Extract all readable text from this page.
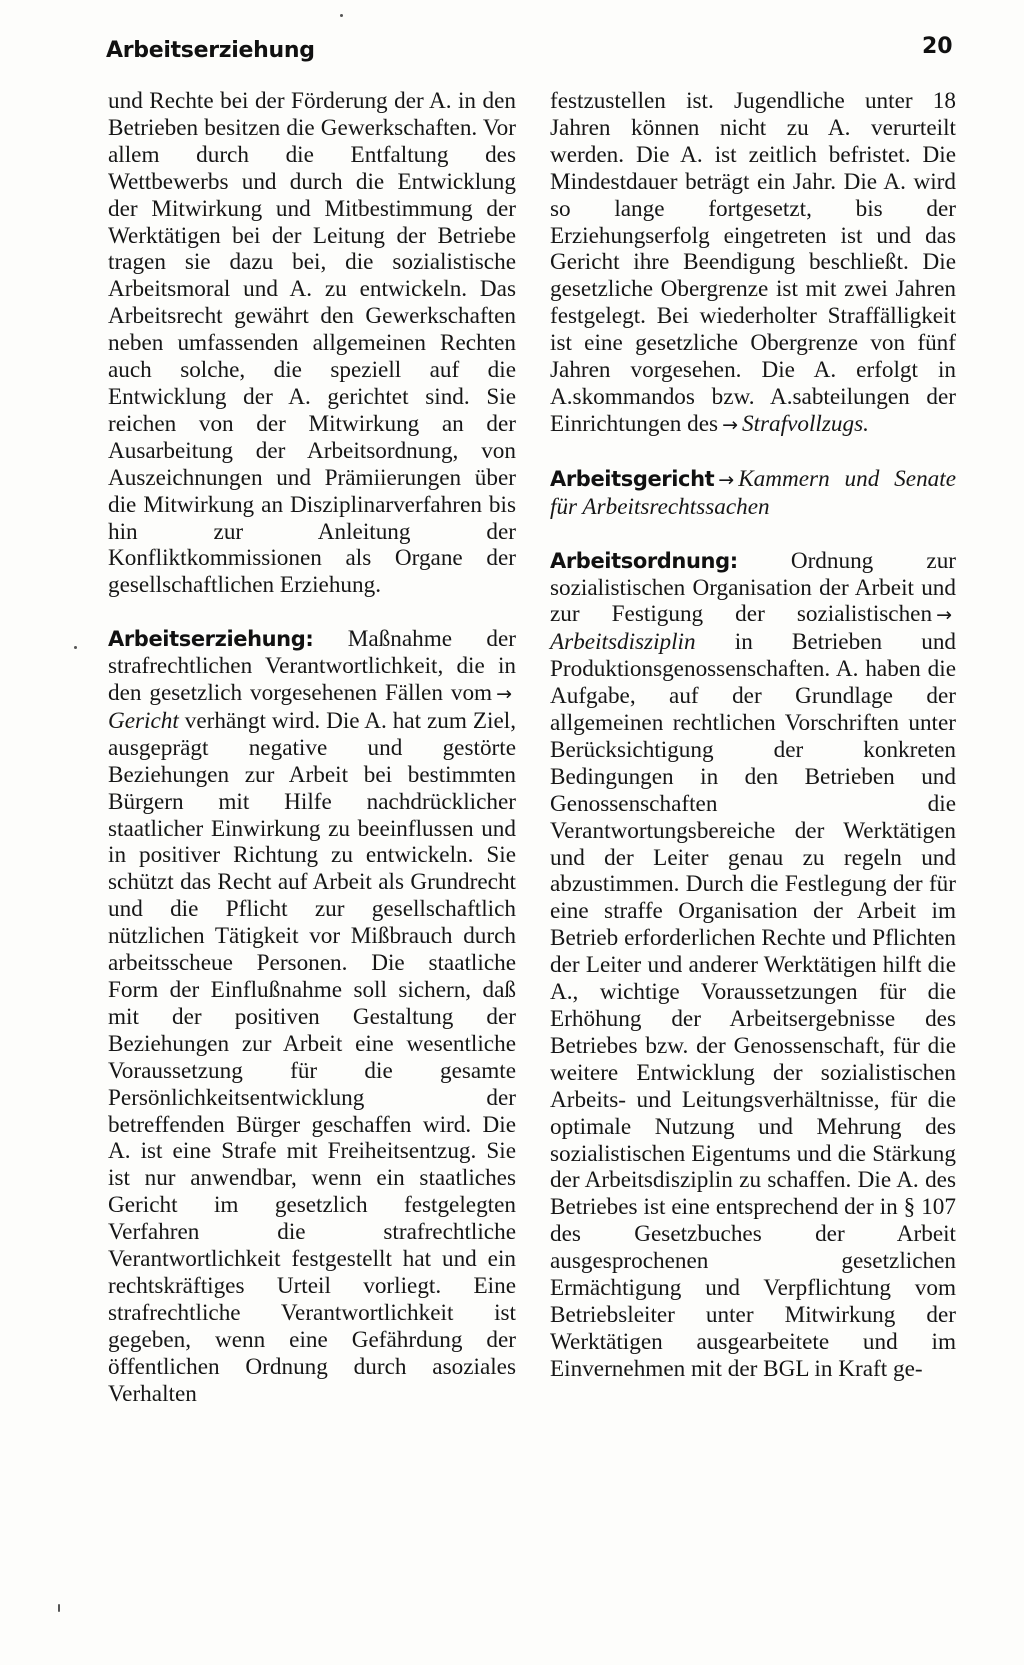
Arbeitserziehung	20

und Rechte bei der Förderung der A. in den Betrieben besitzen die Gewerkschaften. Vor allem durch die Entfaltung des Wettbewerbs und durch die Entwicklung der Mitwirkung und Mitbestimmung der Werktätigen bei der Leitung der Betriebe tragen sie dazu bei, die sozialistische Arbeitsmoral und A. zu entwickeln. Das Arbeitsrecht gewährt den Gewerkschaften neben umfassenden allgemeinen Rechten auch solche, die speziell auf die Entwicklung der A. gerichtet sind. Sie reichen von der Mitwirkung an der Ausarbeitung der Arbeitsordnung, von Auszeichnungen und Prämiierungen über die Mitwirkung an Disziplinarverfahren bis hin zur Anleitung der Konfliktkommissionen als Organe der gesellschaftlichen Erziehung.

Arbeitserziehung: Maßnahme der strafrechtlichen Verantwortlichkeit, die in den gesetzlich vorgesehenen Fällen vom →Gericht verhängt wird. Die A. hat zum Ziel, ausgeprägt negative und gestörte Beziehungen zur Arbeit bei bestimmten Bürgern mit Hilfe nachdrücklicher staatlicher Einwirkung zu beeinflussen und in positiver Richtung zu entwickeln. Sie schützt das Recht auf Arbeit als Grundrecht und die Pflicht zur gesellschaftlich nützlichen Tätigkeit vor Mißbrauch durch arbeitsscheue Personen. Die staatliche Form der Einflußnahme soll sichern, daß mit der positiven Gestaltung der Beziehungen zur Arbeit eine wesentliche Voraussetzung für die gesamte Persönlichkeitsentwicklung der betreffenden Bürger geschaffen wird. Die A. ist eine Strafe mit Freiheitsentzug. Sie ist nur anwendbar, wenn ein staatliches Gericht im gesetzlich festgelegten Verfahren die strafrechtliche Verantwortlichkeit festgestellt hat und ein rechtskräftiges Urteil vorliegt. Eine strafrechtliche Verantwortlichkeit ist gegeben, wenn eine Gefährdung der öffentlichen Ordnung durch asoziales Verhalten

festzustellen ist. Jugendliche unter 18 Jahren können nicht zu A. verurteilt werden. Die A. ist zeitlich befristet. Die Mindestdauer beträgt ein Jahr. Die A. wird so lange fortgesetzt, bis der Erziehungserfolg eingetreten ist und das Gericht ihre Beendigung beschließt. Die gesetzliche Obergrenze ist mit zwei Jahren festgelegt. Bei wiederholter Straffälligkeit ist eine gesetzliche Obergrenze von fünf Jahren vorgesehen. Die A. erfolgt in A.skommandos bzw. A.sabteilungen der Einrichtungen des → Strafvollzugs.

Arbeitsgericht → Kammern und Senate für Arbeitsrechtssachen

Arbeitsordnung: Ordnung zur sozialistischen Organisation der Arbeit und zur Festigung der sozialistischen →Arbeitsdisziplin in Betrieben und Produktionsgenossenschaften. A. haben die Aufgabe, auf der Grundlage der allgemeinen rechtlichen Vorschriften unter Berücksichtigung der konkreten Bedingungen in den Betrieben und Genossenschaften die Verantwortungsbereiche der Werktätigen und der Leiter genau zu regeln und abzustimmen. Durch die Festlegung der für eine straffe Organisation der Arbeit im Betrieb erforderlichen Rechte und Pflichten der Leiter und anderer Werktätigen hilft die A., wichtige Voraussetzungen für die Erhöhung der Arbeitsergebnisse des Betriebes bzw. der Genossenschaft, für die weitere Entwicklung der sozialistischen Arbeits- und Leitungsverhältnisse, für die optimale Nutzung und Mehrung des sozialistischen Eigentums und die Stärkung der Arbeitsdisziplin zu schaffen. Die A. des Betriebes ist eine entsprechend der in § 107 des Gesetzbuches der Arbeit ausgesprochenen gesetzlichen Ermächtigung und Verpflichtung vom Betriebsleiter unter Mitwirkung der Werktätigen ausgearbeitete und im Einvernehmen mit der BGL in Kraft ge-
